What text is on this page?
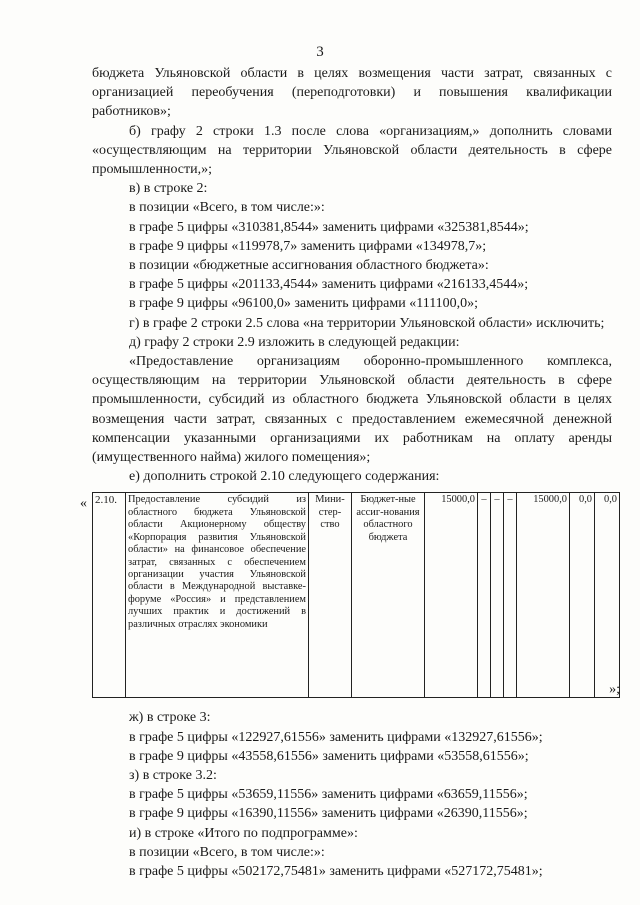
3

бюджета Ульяновской области в целях возмещения части затрат, связанных с организацией переобучения (переподготовки) и повышения квалификации работников»;

б) графу 2 строки 1.3 после слова «организациям,» дополнить словами «осуществляющим на территории Ульяновской области деятельность в сфере промышленности,»;

в) в строке 2:

в позиции «Всего, в том числе:»:

в графе 5 цифры «310381,8544» заменить цифрами «325381,8544»;

в графе 9 цифры «119978,7» заменить цифрами «134978,7»;

в позиции «бюджетные ассигнования областного бюджета»:

в графе 5 цифры «201133,4544» заменить цифрами «216133,4544»;

в графе 9 цифры «96100,0» заменить цифрами «111100,0»;

г) в графе 2 строки 2.5 слова «на территории Ульяновской области» исключить;

д) графу 2 строки 2.9 изложить в следующей редакции:

«Предоставление организациям оборонно-промышленного комплекса, осуществляющим на территории Ульяновской области деятельность в сфере промышленности, субсидий из областного бюджета Ульяновской области в целях возмещения части затрат, связанных с предоставлением ежемесячной денежной компенсации указанными организациями их работникам на оплату аренды (имущественного найма) жилого помещения»;

е) дополнить строкой 2.10 следующего содержания:

« 2.10.	Предоставление субсидий из областного бюджета Ульяновской области Акционерному обществу «Корпорация развития Ульяновской области» на финансовое обеспечение затрат, связанных с обеспечением организации участия Ульяновской области в Международной выставке-форуме «Россия» и представлением лучших практик и достижений в различных отраслях экономики	Мини-стер-ство	Бюджет-ные ассиг-нования областного бюджета	15000,0	–	–	–	15000,0	0,0	0,0
»;

ж) в строке 3:

в графе 5 цифры «122927,61556» заменить цифрами «132927,61556»;

в графе 9 цифры «43558,61556» заменить цифрами «53558,61556»;

з) в строке 3.2:

в графе 5 цифры «53659,11556» заменить цифрами «63659,11556»;

в графе 9 цифры «16390,11556» заменить цифрами «26390,11556»;

и) в строке «Итого по подпрограмме»:

в позиции «Всего, в том числе:»:

в графе 5 цифры «502172,75481» заменить цифрами «527172,75481»;
